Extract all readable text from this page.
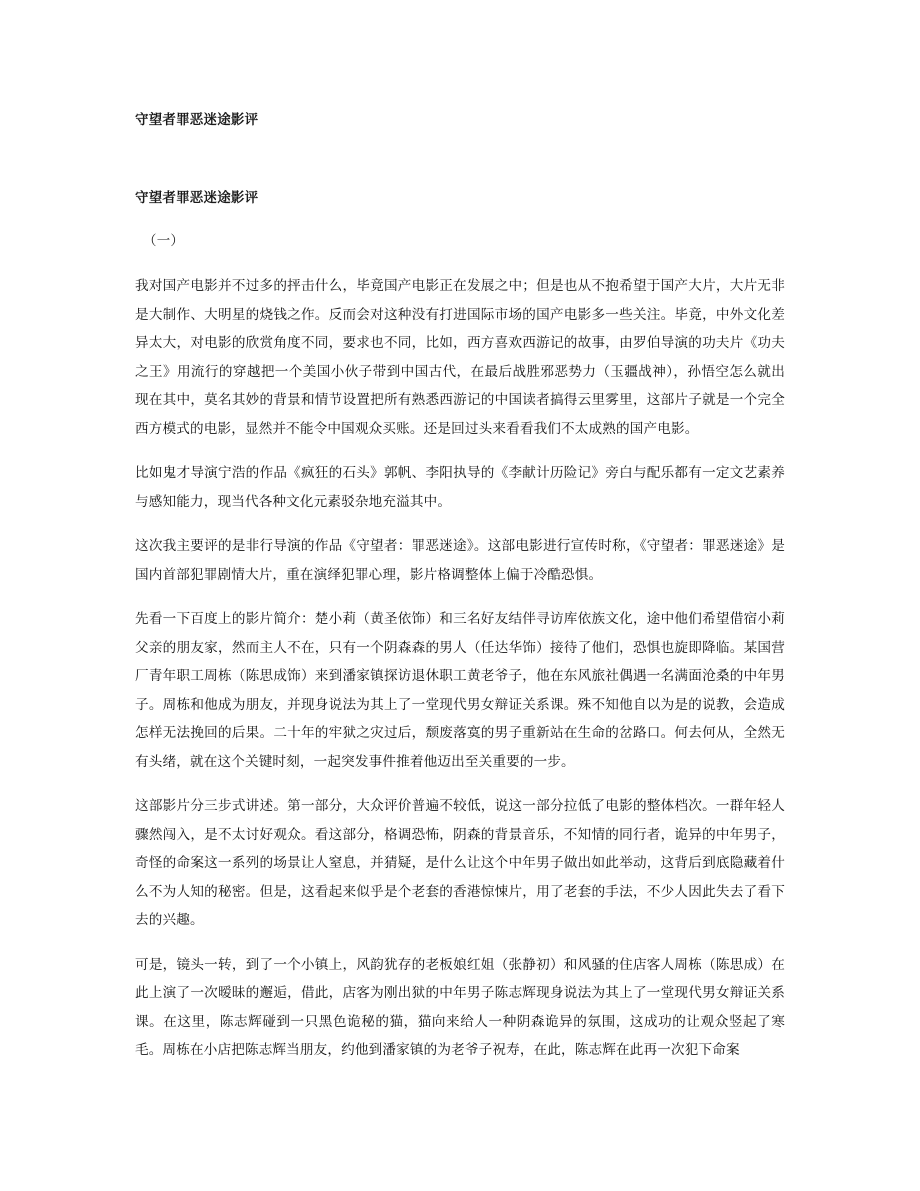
守望者罪恶迷途影评
守望者罪恶迷途影评
（一）

我对国产电影并不过多的抨击什么，毕竟国产电影正在发展之中；但是也从不抱希望于国产大片，大片无非是大制作、大明星的烧钱之作。反而会对这种没有打进国际市场的国产电影多一些关注。毕竟，中外文化差异太大，对电影的欣赏角度不同，要求也不同，比如，西方喜欢西游记的故事，由罗伯导演的功夫片《功夫之王》用流行的穿越把一个美国小伙子带到中国古代，在最后战胜邪恶势力（玉疆战神），孙悟空怎么就出现在其中，莫名其妙的背景和情节设置把所有熟悉西游记的中国读者搞得云里雾里，这部片子就是一个完全西方模式的电影，显然并不能令中国观众买账。还是回过头来看看我们不太成熟的国产电影。

比如鬼才导演宁浩的作品《疯狂的石头》郭帆、李阳执导的《李献计历险记》旁白与配乐都有一定文艺素养与感知能力，现当代各种文化元素驳杂地充溢其中。

这次我主要评的是非行导演的作品《守望者：罪恶迷途》。这部电影进行宣传时称，《守望者：罪恶迷途》是国内首部犯罪剧情大片，重在演绎犯罪心理，影片格调整体上偏于冷酷恐惧。

先看一下百度上的影片简介：楚小莉（黄圣依饰）和三名好友结伴寻访库依族文化，途中他们希望借宿小莉父亲的朋友家，然而主人不在，只有一个阴森森的男人（任达华饰）接待了他们，恐惧也旋即降临。某国营厂青年职工周栋（陈思成饰）来到潘家镇探访退休职工黄老爷子，他在东风旅社偶遇一名满面沧桑的中年男子。周栋和他成为朋友，并现身说法为其上了一堂现代男女辩证关系课。殊不知他自以为是的说教，会造成怎样无法挽回的后果。二十年的牢狱之灾过后，颓废落寞的男子重新站在生命的岔路口。何去何从，全然无有头绪，就在这个关键时刻，一起突发事件推着他迈出至关重要的一步。

这部影片分三步式讲述。第一部分，大众评价普遍不较低，说这一部分拉低了电影的整体档次。一群年轻人骤然闯入，是不太讨好观众。看这部分，格调恐怖，阴森的背景音乐，不知情的同行者，诡异的中年男子，奇怪的命案这一系列的场景让人窒息，并猜疑，是什么让这个中年男子做出如此举动，这背后到底隐藏着什么不为人知的秘密。但是，这看起来似乎是个老套的香港惊悚片，用了老套的手法，不少人因此失去了看下去的兴趣。

可是，镜头一转，到了一个小镇上，风韵犹存的老板娘红姐（张静初）和风骚的住店客人周栋（陈思成）在此上演了一次暧昧的邂逅，借此，店客为刚出狱的中年男子陈志辉现身说法为其上了一堂现代男女辩证关系课。在这里，陈志辉碰到一只黑色诡秘的猫，猫向来给人一种阴森诡异的氛围，这成功的让观众竖起了寒毛。周栋在小店把陈志辉当朋友，约他到潘家镇的为老爷子祝寿，在此，陈志辉在此再一次犯下命案
